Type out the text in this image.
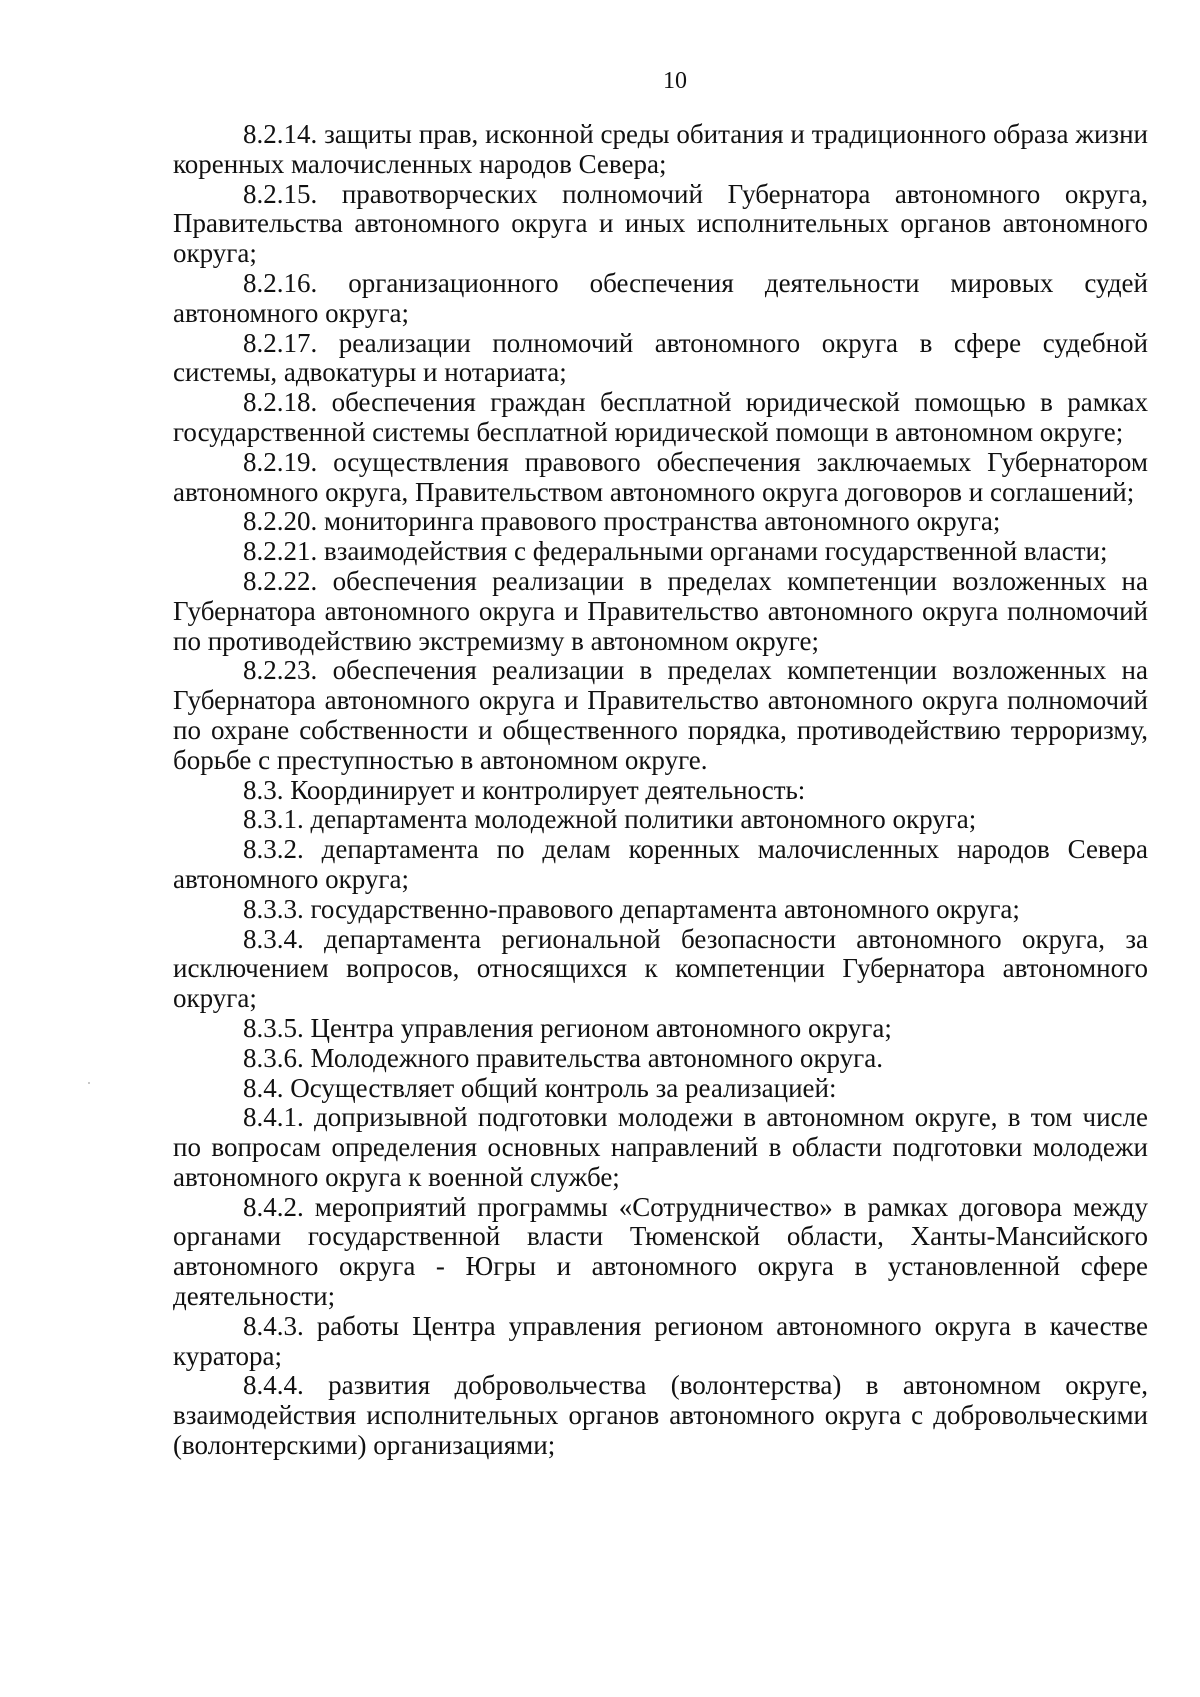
10

8.2.14. защиты прав, исконной среды обитания и традиционного образа жизни коренных малочисленных народов Севера;

8.2.15. правотворческих полномочий Губернатора автономного округа, Правительства автономного округа и иных исполнительных органов автономного округа;

8.2.16. организационного обеспечения деятельности мировых судей автономного округа;

8.2.17. реализации полномочий автономного округа в сфере судебной системы, адвокатуры и нотариата;

8.2.18. обеспечения граждан бесплатной юридической помощью в рамках государственной системы бесплатной юридической помощи в автономном округе;

8.2.19. осуществления правового обеспечения заключаемых Губернатором автономного округа, Правительством автономного округа договоров и соглашений;

8.2.20. мониторинга правового пространства автономного округа;

8.2.21. взаимодействия с федеральными органами государственной власти;

8.2.22. обеспечения реализации в пределах компетенции возложенных на Губернатора автономного округа и Правительство автономного округа полномочий по противодействию экстремизму в автономном округе;

8.2.23. обеспечения реализации в пределах компетенции возложенных на Губернатора автономного округа и Правительство автономного округа полномочий по охране собственности и общественного порядка, противодействию терроризму, борьбе с преступностью в автономном округе.

8.3. Координирует и контролирует деятельность:

8.3.1. департамента молодежной политики автономного округа;

8.3.2. департамента по делам коренных малочисленных народов Севера автономного округа;

8.3.3. государственно-правового департамента автономного округа;

8.3.4. департамента региональной безопасности автономного округа, за исключением вопросов, относящихся к компетенции Губернатора автономного округа;

8.3.5. Центра управления регионом автономного округа;

8.3.6. Молодежного правительства автономного округа.

8.4. Осуществляет общий контроль за реализацией:

8.4.1. допризывной подготовки молодежи в автономном округе, в том числе по вопросам определения основных направлений в области подготовки молодежи автономного округа к военной службе;

8.4.2. мероприятий программы «Сотрудничество» в рамках договора между органами государственной власти Тюменской области, Ханты-Мансийского автономного округа - Югры и автономного округа в установленной сфере деятельности;

8.4.3. работы Центра управления регионом автономного округа в качестве куратора;

8.4.4. развития добровольчества (волонтерства) в автономном округе, взаимодействия исполнительных органов автономного округа с добровольческими (волонтерскими) организациями;
